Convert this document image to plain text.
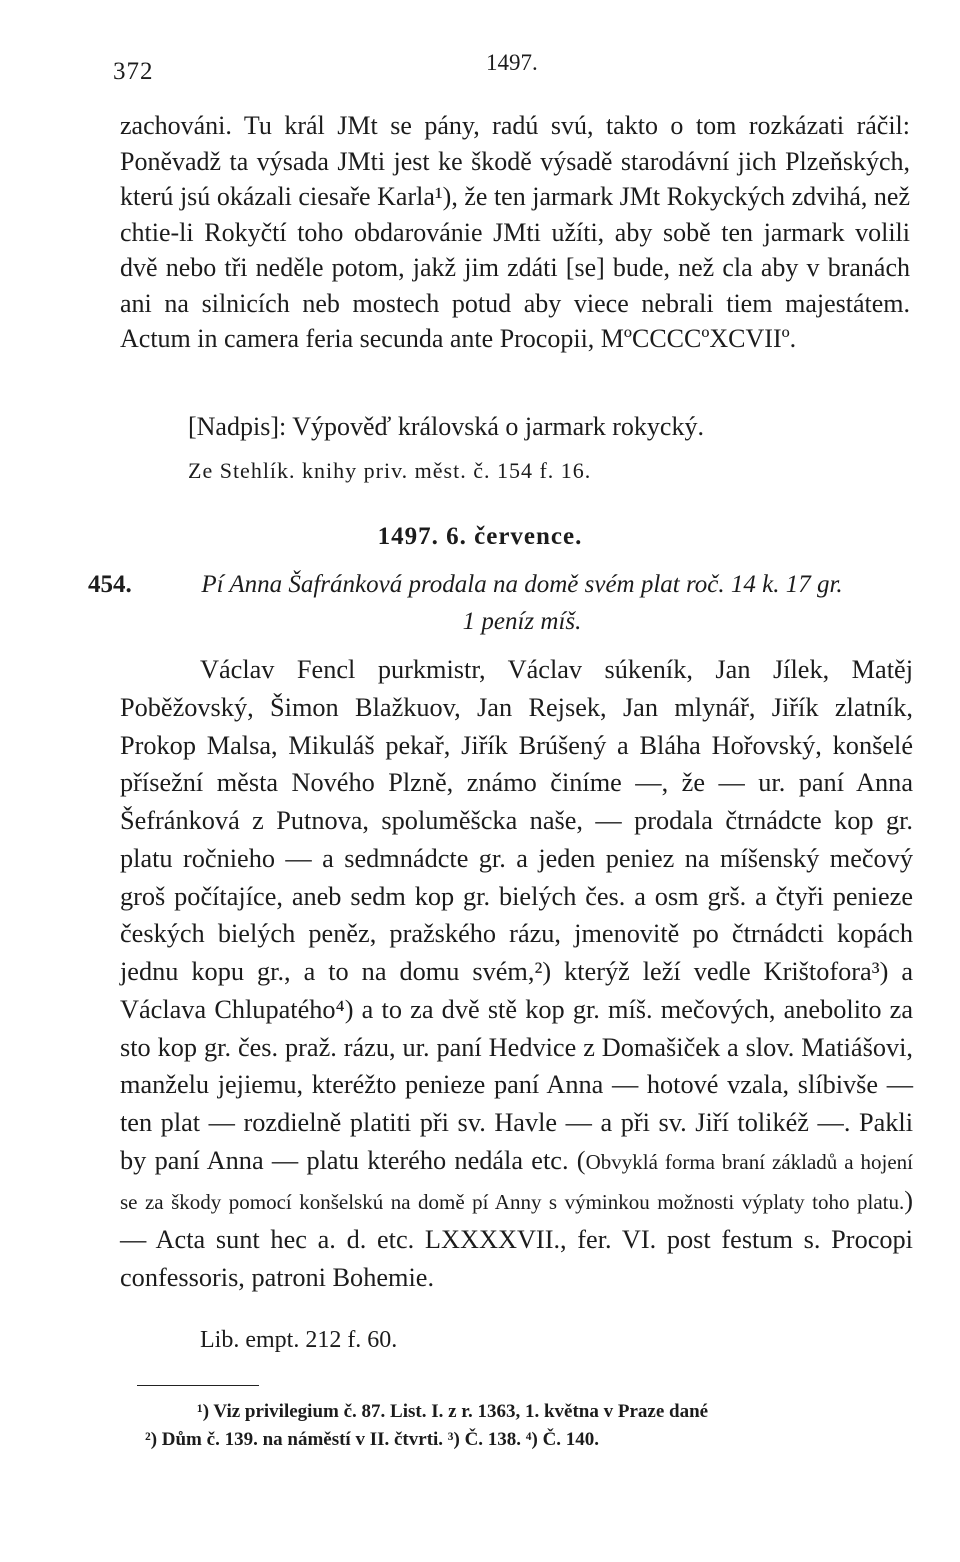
372	1497.

zachováni. Tu král JMt se pány, radú svú, takto o tom rozkázati ráčil: Poněvadž ta výsada JMti jest ke škodě výsadě starodávní jich Plzeňských, kterú jsú okázali ciesaře Karla¹), že ten jarmark JMt Rokyckých zdvihá, než chtie-li Rokyčtí toho obdarovánie JMti užíti, aby sobě ten jarmark volili dvě nebo tři neděle potom, jakž jim zdáti [se] bude, než cla aby v branách ani na silnicích neb mostech potud aby viece nebrali tiem majestátem. Actum in camera feria secunda ante Procopii, MºCCCCºXCVIIº.

[Nadpis]: Výpověď královská o jarmark rokycký.
Ze Stehlík. knihy priv. měst. č. 154 f. 16.
1497. 6. července.
454.	Pí Anna Šafránková prodala na domě svém plat roč. 14 k. 17 gr.
1 peníz míš.

Václav Fencl purkmistr, Václav súkeník, Jan Jílek, Matěj Poběžovský, Šimon Blažkuov, Jan Rejsek, Jan mlynář, Jiřík zlatník, Prokop Malsa, Mikuláš pekař, Jiřík Brúšený a Bláha Hořovský, konšelé přísežní města Nového Plzně, známo činíme —, že — ur. paní Anna Šefránková z Putnova, spoluměšcka naše, — prodala čtrnádcte kop gr. platu ročnieho — a sedmnádcte gr. a jeden peniez na míšenský mečový groš počítajíce, aneb sedm kop gr. bielých čes. a osm grš. a čtyři penieze českých bielých peněz, pražského rázu, jmenovitě po čtrnádcti kopách jednu kopu gr., a to na domu svém,²) kterýž leží vedle Krištofora³) a Václava Chlupatého⁴) a to za dvě stě kop gr. míš. mečových, anebolito za sto kop gr. čes. praž. rázu, ur. paní Hedvice z Domašiček a slov. Matiášovi, manželu jejiemu, kteréžto penieze paní Anna — hotové vzala, slíbivše — ten plat — rozdielně platiti při sv. Havle — a při sv. Jiří tolikéž —. Pakli by paní Anna — platu kterého nedála etc. (Obvyklá forma braní základů a hojení se za škody pomocí konšelskú na domě pí Anny s výminkou možnosti výplaty toho platu.) — Acta sunt hec a. d. etc. LXXXXVII., fer. VI. post festum s. Procopi confessoris, patroni Bohemie.

Lib. empt. 212 f. 60.
¹) Viz privilegium č. 87. List. I. z r. 1363, 1. května v Praze dané
²) Dům č. 139. na náměstí v II. čtvrti. ³) Č. 138. ⁴) Č. 140.
